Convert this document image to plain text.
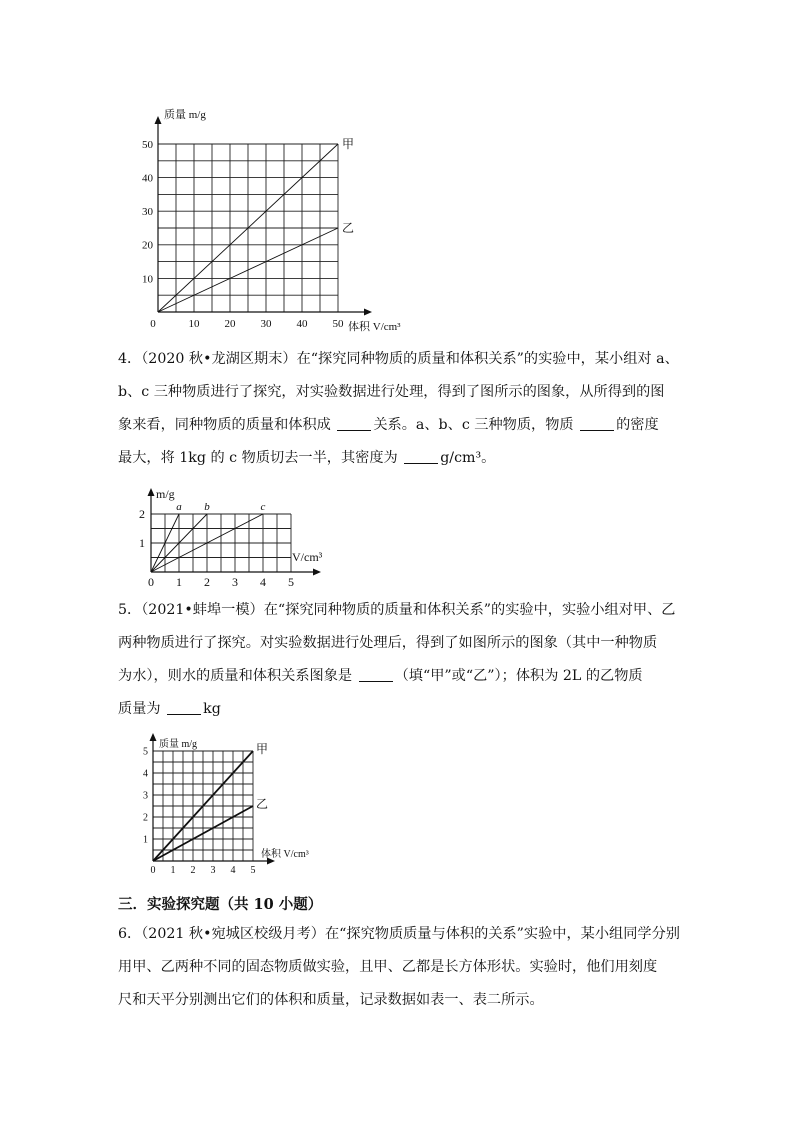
质量 m/g
体积 V/cm³
0	10 20 30 40 50
10
20
30
40
50	甲
乙
4．（2020 秋•龙湖区期末）在“探究同种物质的质量和体积关系”的实验中，某小组对 a、
b、c 三种物质进行了探究，对实验数据进行处理，得到了图所示的图象，从所得到的图
象来看，同种物质的质量和体积成	关系。a、b、c 三种物质，物质	的密度
最大，将 1kg 的 c 物质切去一半，其密度为	g/cm³。
m/g
V/cm³
0 1 2 3 4 5
1
2
a b	c
5．（2021•蚌埠一模）在“探究同种物质的质量和体积关系”的实验中，实验小组对甲、乙
两种物质进行了探究。对实验数据进行处理后，得到了如图所示的图象（其中一种物质
为水），则水的质量和体积关系图象是	（填“甲”或“乙”）；体积为 2L 的乙物质
质量为	kg
质量 m/g
体积 V/cm³
0 1 2 3 4 5
1
2
3
4
5	甲
乙
三．实验探究题（共 10 小题）
6．（2021 秋•宛城区校级月考）在“探究物质质量与体积的关系”实验中，某小组同学分别
用甲、乙两种不同的固态物质做实验，且甲、乙都是长方体形状。实验时，他们用刻度
尺和天平分别测出它们的体积和质量，记录数据如表一、表二所示。
